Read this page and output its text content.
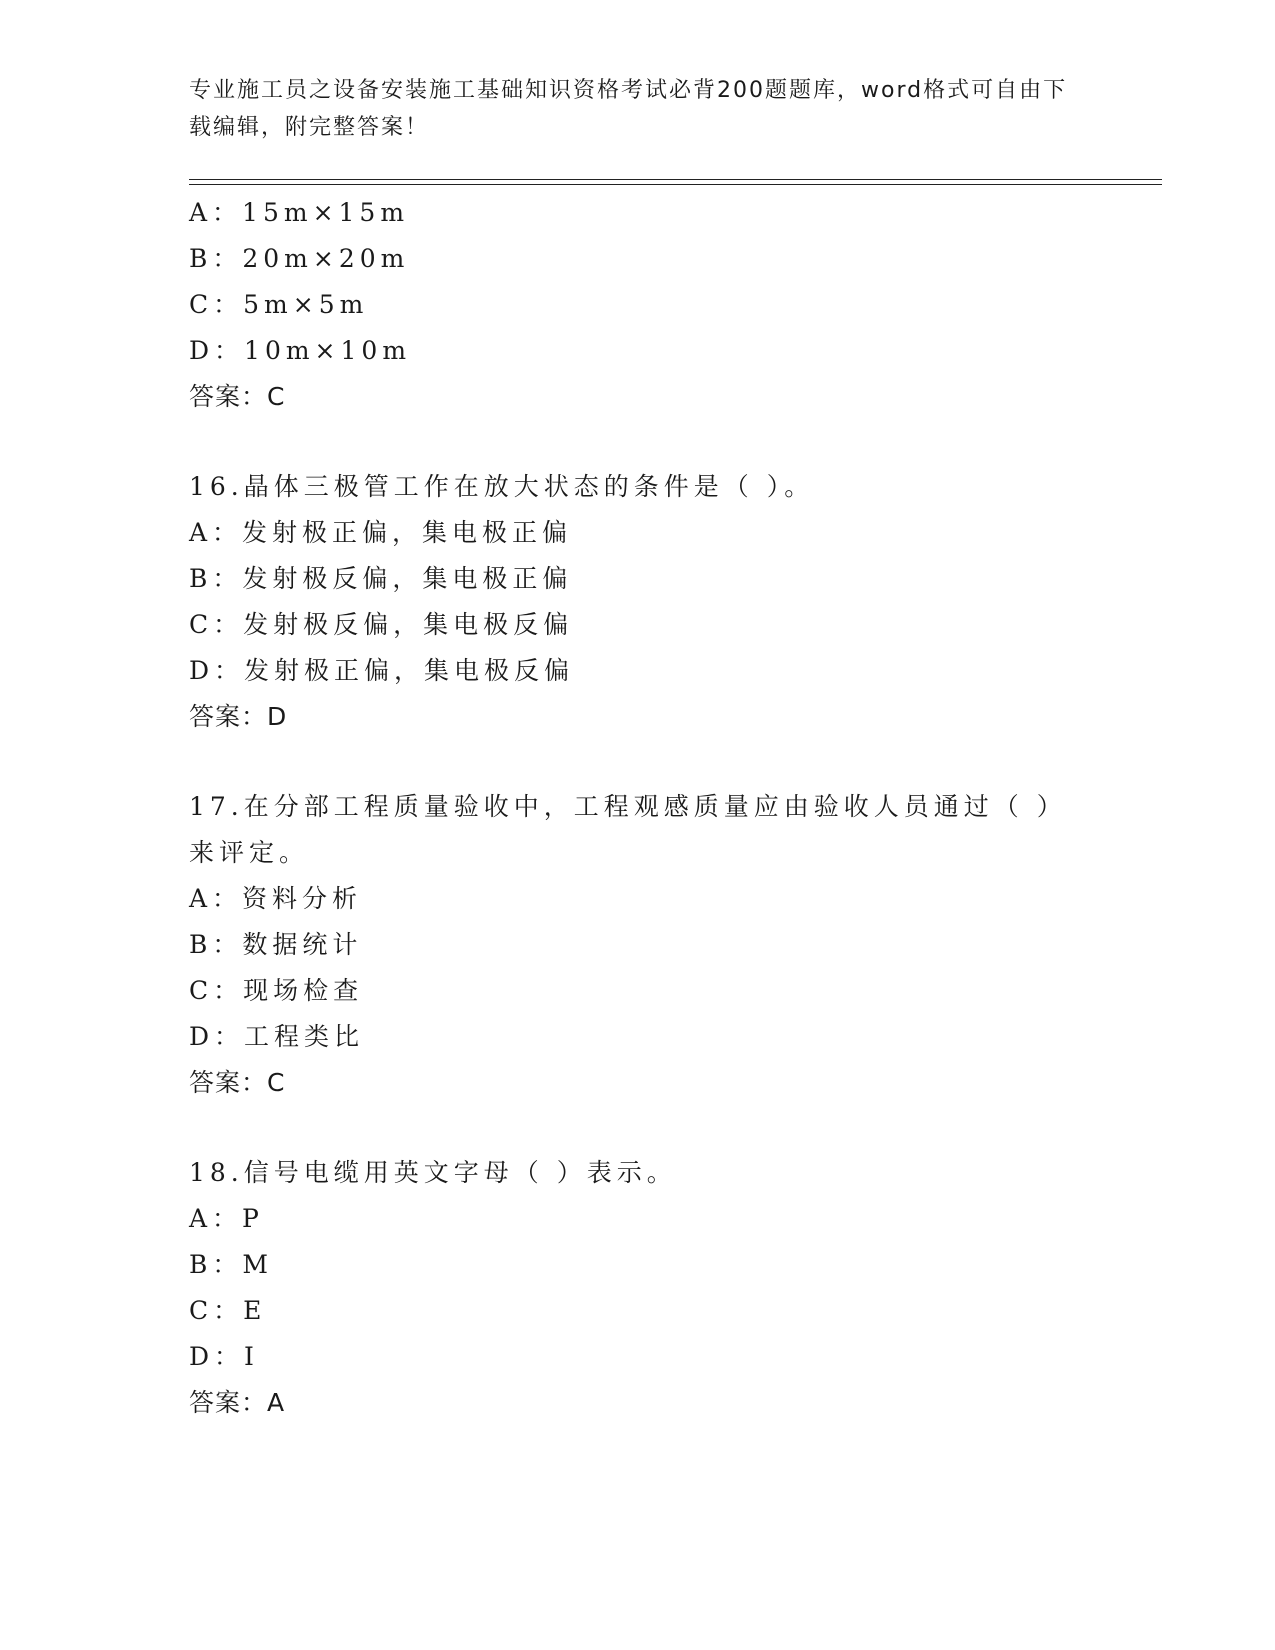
专业施工员之设备安装施工基础知识资格考试必背200题题库，word格式可自由下载编辑，附完整答案！
A：15m×15m
B：20m×20m
C：5m×5m
D：10m×10m
答案：C
16.晶体三极管工作在放大状态的条件是（ ）。
A：发射极正偏，集电极正偏
B：发射极反偏，集电极正偏
C：发射极反偏，集电极反偏
D：发射极正偏，集电极反偏
答案：D
17.在分部工程质量验收中，工程观感质量应由验收人员通过（ ）来评定。
A：资料分析
B：数据统计
C：现场检查
D：工程类比
答案：C
18.信号电缆用英文字母（ ）表示。
A：P
B：M
C：E
D：I
答案：A
